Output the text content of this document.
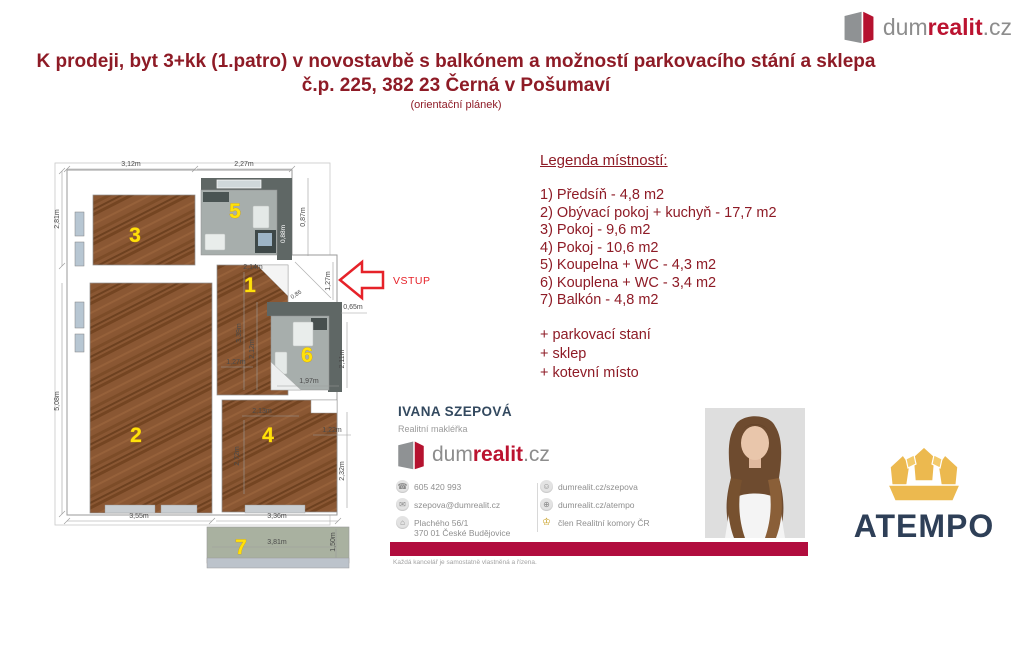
dumrealit.cz
K prodeji, byt 3+kk (1.patro) v novostavbě s balkónem a možností parkovacího stání a sklepa
č.p. 225, 382 23 Černá v Pošumaví
(orientační plánek)
3,12m	2,27m
2,81m	0,87m
0,88m
2,14m
1,27m
0,86
0,65m
3,39m
2,12m
1,27m
1,97m
2,11m
5,08m
2,13m
2,72m
1,22m
2,32m
3,55m	3,36m
3,81m	1,50m
1
2
3
4
5
6
7
VSTUP
Legenda místností:
1) Předsíň - 4,8 m2
2) Obývací pokoj + kuchyň - 17,7 m2
3) Pokoj - 9,6 m2
4) Pokoj - 10,6 m2
5) Koupelna + WC - 4,3 m2
6) Kouplena + WC - 3,4 m2
7) Balkón - 4,8 m2
+ parkovací staní
+ sklep
+ kotevní místo
IVANA SZEPOVÁ
Realitní makléřka
dumrealit.cz
☎ 605 420 993
✉ szepova@dumrealit.cz
⌂	Plachého 56/1
370 01 České Budějovice
☺ dumrealit.cz/szepova
⊕ dumrealit.cz/atempo
♔ člen Realitní komory ČR
Každá kancelář je samostatně vlastněná a řízena.
ATEMPO
